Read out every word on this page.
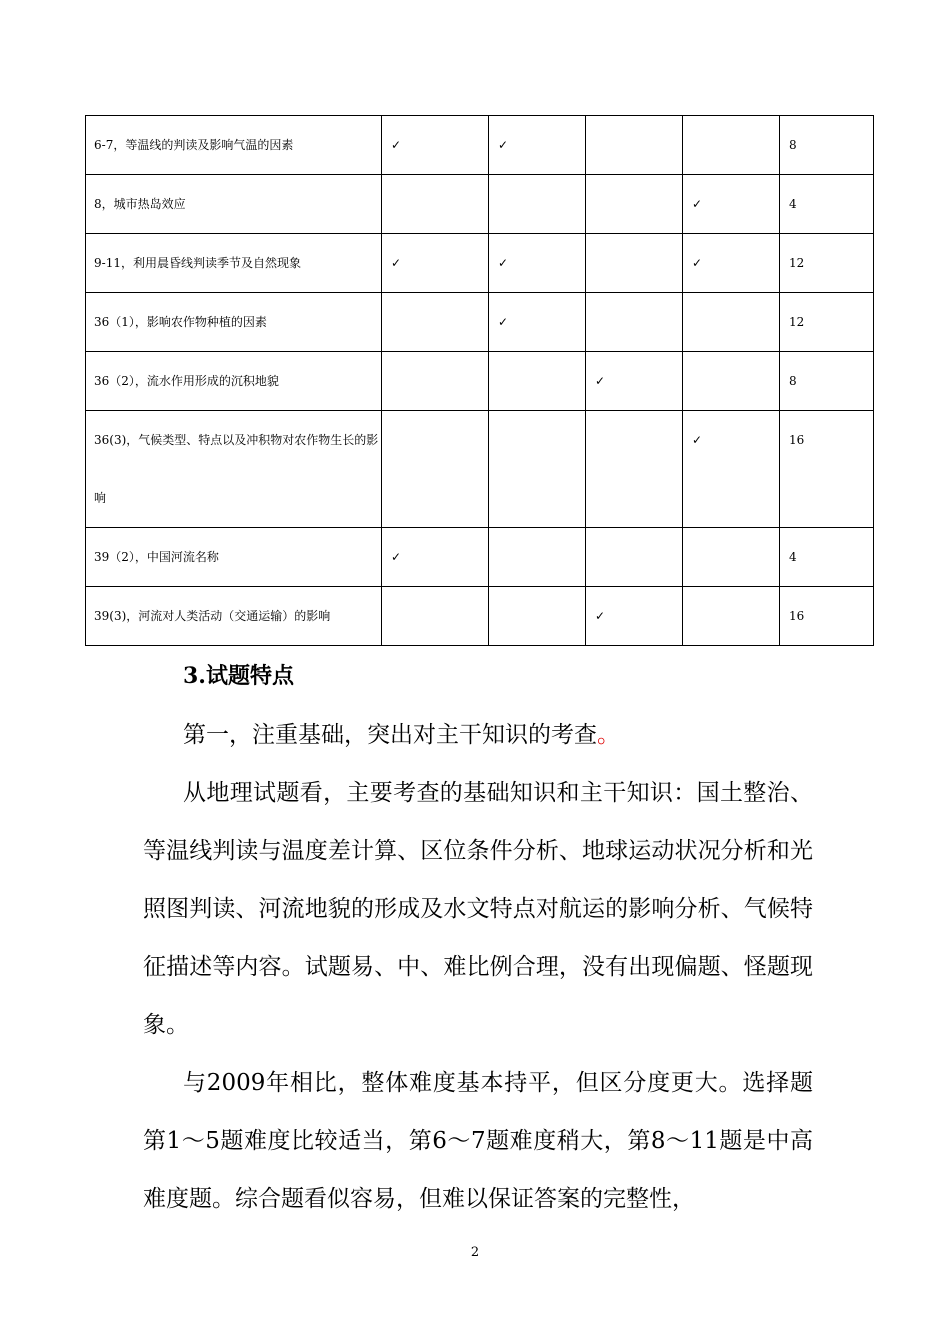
6-7，等温线的判读及影响气温的因素	✓	✓			8
8，城市热岛效应				✓	4
9-11，利用晨昏线判读季节及自然现象	✓	✓		✓	12
36（1），影响农作物种植的因素		✓			12
36（2），流水作用形成的沉积地貌			✓		8
36(3)，气候类型、特点以及冲积物对农作物生长的影响				✓	16
39（2），中国河流名称	✓				4
39(3)，河流对人类活动（交通运输）的影响			✓		16
3.试题特点

第一，注重基础，突出对主干知识的考查。

从地理试题看，主要考查的基础知识和主干知识：国土整治、等温线判读与温度差计算、区位条件分析、地球运动状况分析和光照图判读、河流地貌的形成及水文特点对航运的影响分析、气候特征描述等内容。试题易、中、难比例合理，没有出现偏题、怪题现象。

与2009年相比，整体难度基本持平，但区分度更大。选择题第1～5题难度比较适当，第6～7题难度稍大，第8～11题是中高难度题。综合题看似容易，但难以保证答案的完整性，

2
